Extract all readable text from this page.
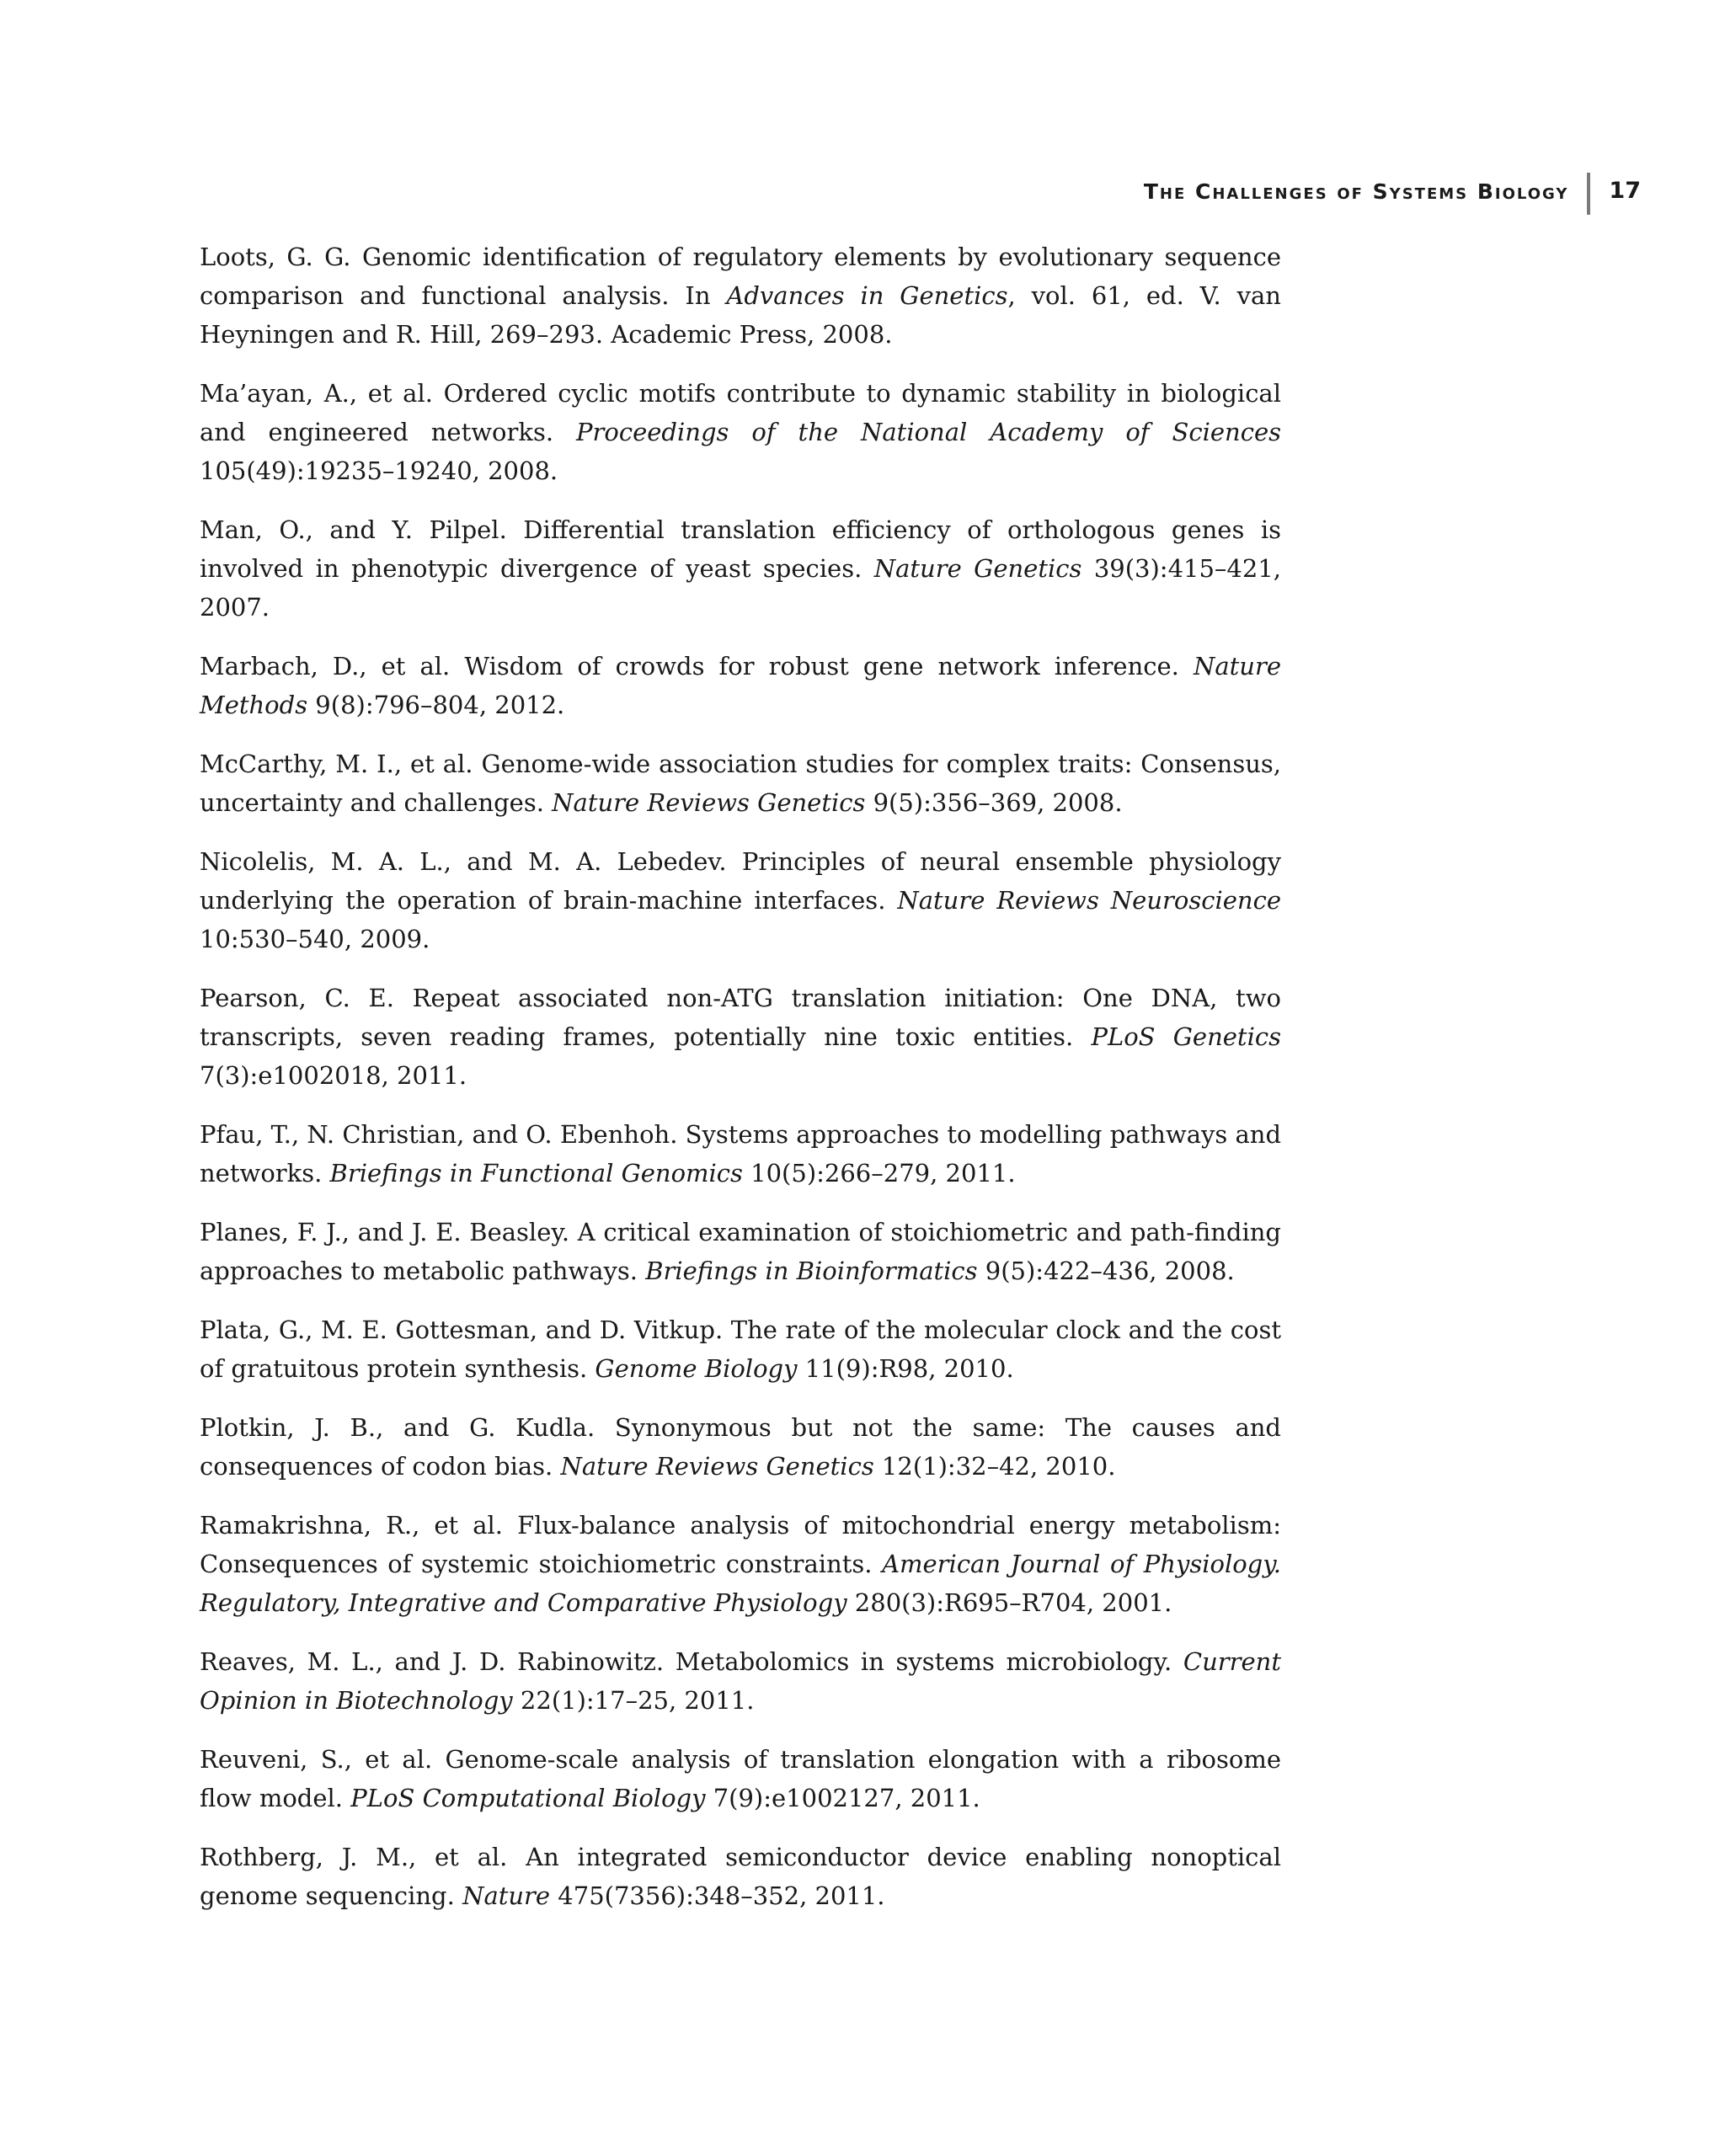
The Challenges of Systems Biology 17
Loots, G. G. Genomic identification of regulatory elements by evolutionary sequence comparison and functional analysis. In Advances in Genetics, vol. 61, ed. V. van Heyningen and R. Hill, 269–293. Academic Press, 2008.
Ma’ayan, A., et al. Ordered cyclic motifs contribute to dynamic stability in biological and engineered networks. Proceedings of the National Academy of Sciences 105(49):19235–19240, 2008.
Man, O., and Y. Pilpel. Differential translation efficiency of orthologous genes is involved in phenotypic divergence of yeast species. Nature Genetics 39(3):415–421, 2007.
Marbach, D., et al. Wisdom of crowds for robust gene network inference. Nature Methods 9(8):796–804, 2012.
McCarthy, M. I., et al. Genome-wide association studies for complex traits: Consensus, uncertainty and challenges. Nature Reviews Genetics 9(5):356–369, 2008.
Nicolelis, M. A. L., and M. A. Lebedev. Principles of neural ensemble physiology underlying the operation of brain-machine interfaces. Nature Reviews Neuroscience 10:530–540, 2009.
Pearson, C. E. Repeat associated non-ATG translation initiation: One DNA, two transcripts, seven reading frames, potentially nine toxic entities. PLoS Genetics 7(3):e1002018, 2011.
Pfau, T., N. Christian, and O. Ebenhoh. Systems approaches to modelling pathways and networks. Briefings in Functional Genomics 10(5):266–279, 2011.
Planes, F. J., and J. E. Beasley. A critical examination of stoichiometric and path-finding approaches to metabolic pathways. Briefings in Bioinformatics 9(5):422–436, 2008.
Plata, G., M. E. Gottesman, and D. Vitkup. The rate of the molecular clock and the cost of gratuitous protein synthesis. Genome Biology 11(9):R98, 2010.
Plotkin, J. B., and G. Kudla. Synonymous but not the same: The causes and consequences of codon bias. Nature Reviews Genetics 12(1):32–42, 2010.
Ramakrishna, R., et al. Flux-balance analysis of mitochondrial energy metabolism: Consequences of systemic stoichiometric constraints. American Journal of Physiology. Regulatory, Integrative and Comparative Physiology 280(3):R695–R704, 2001.
Reaves, M. L., and J. D. Rabinowitz. Metabolomics in systems microbiology. Current Opinion in Biotechnology 22(1):17–25, 2011.
Reuveni, S., et al. Genome-scale analysis of translation elongation with a ribosome flow model. PLoS Computational Biology 7(9):e1002127, 2011.
Rothberg, J. M., et al. An integrated semiconductor device enabling nonoptical genome sequencing. Nature 475(7356):348–352, 2011.
